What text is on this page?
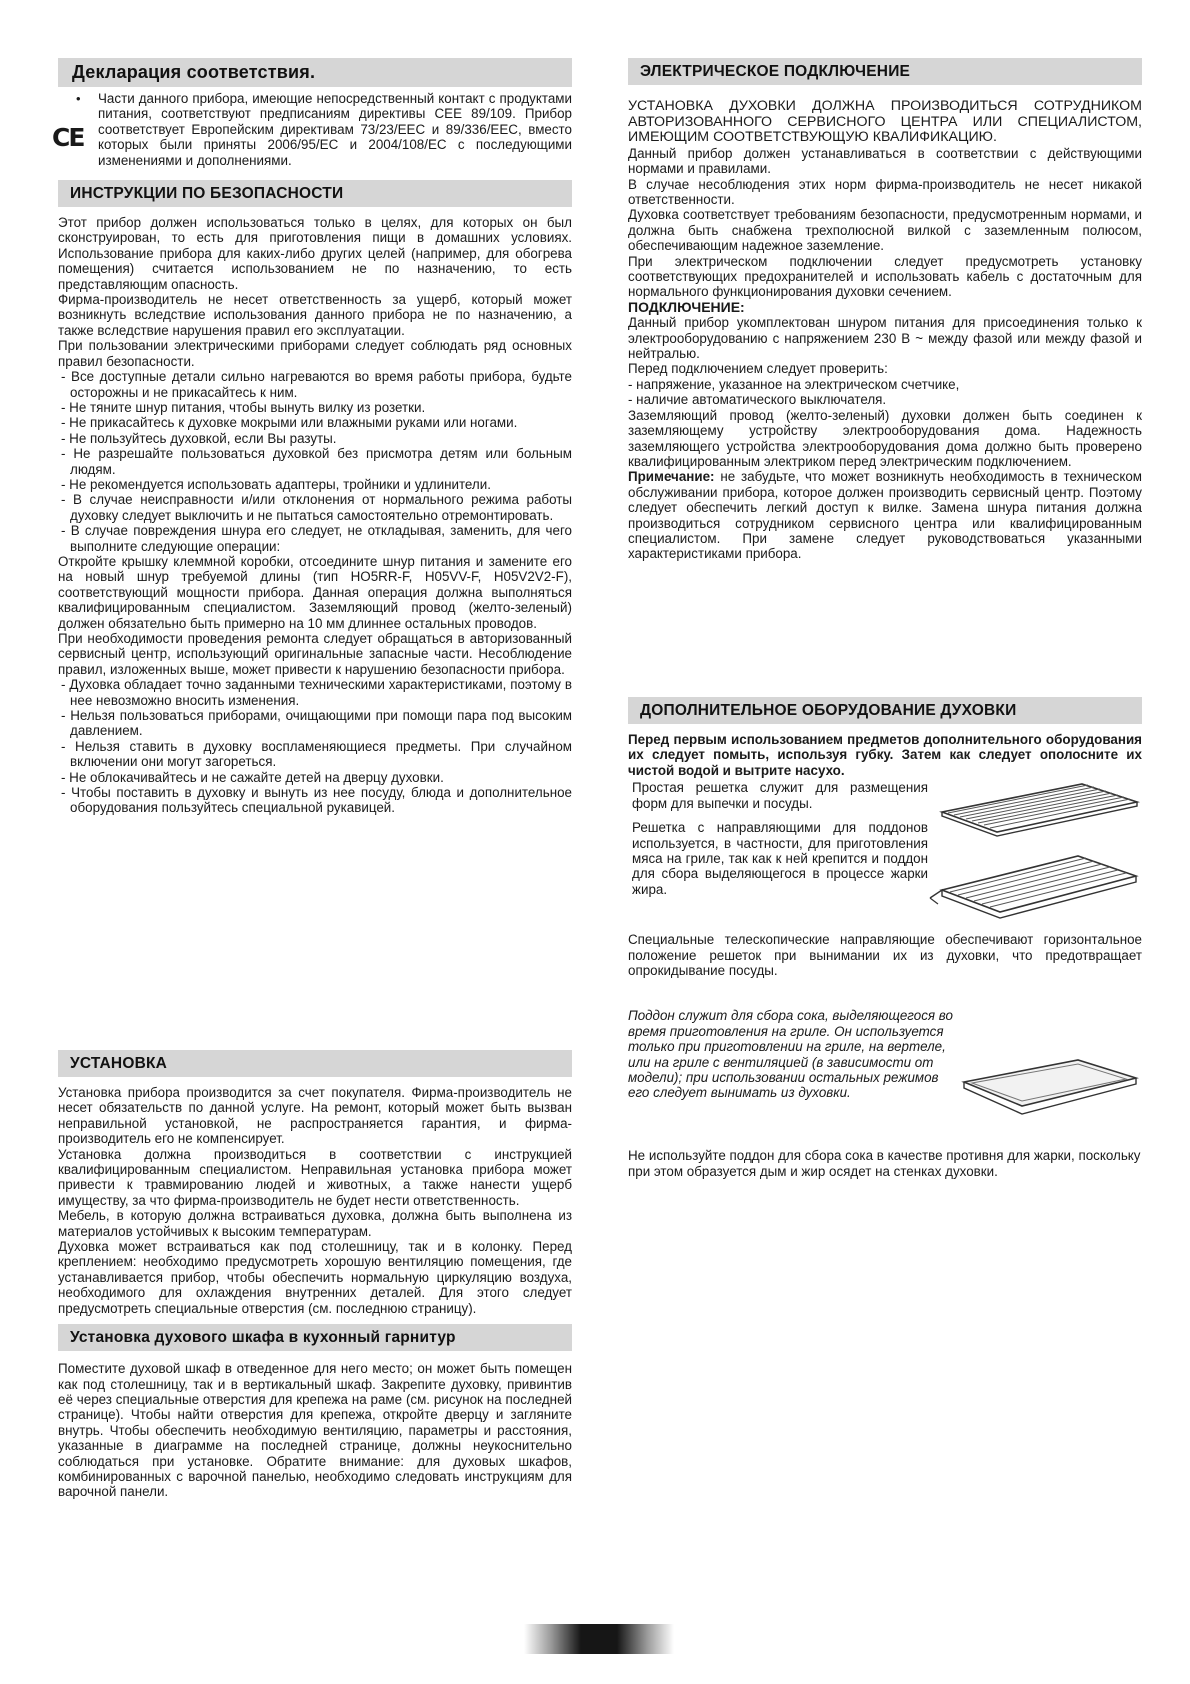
Декларация соответствия.
•
CE

Части данного прибора, имеющие непосредственный контакт с продуктами питания, соответствуют предписаниям директивы CEE 89/109. Прибор соответствует Европейским директивам 73/23/EEC и 89/336/EEC, вместо которых были приняты 2006/95/EC и 2004/108/EC с последующими изменениями и дополнениями.

ИНСТРУКЦИИ ПО БЕЗОПАСНОСТИ

Этот прибор должен использоваться только в целях, для которых он был сконструирован, то есть для приготовления пищи в домашних условиях. Использование прибора для каких-либо других целей (например, для обогрева помещения) считается использованием не по назначению, то есть представляющим опасность.

Фирма-производитель не несет ответственность за ущерб, который может возникнуть вследствие использования данного прибора не по назначению, а также вследствие нарушения правил его эксплуатации.

При пользовании электрическими приборами следует соблюдать ряд основных правил безопасности.

- Все доступные детали сильно нагреваются во время работы прибора, будьте осторожны и не прикасайтесь к ним.

- Не тяните шнур питания, чтобы вынуть вилку из розетки.

- Не прикасайтесь к духовке мокрыми или влажными руками или ногами.

- Не пользуйтесь духовкой, если Вы разуты.

- Не разрешайте пользоваться духовкой без присмотра детям или больным людям.

- Не рекомендуется использовать адаптеры, тройники и удлинители.

- В случае неисправности и/или отклонения от нормального режима работы духовку следует выключить и не пытаться самостоятельно отремонтировать.

- В случае повреждения шнура его следует, не откладывая, заменить, для чего выполните следующие операции:

Откройте крышку клеммной коробки, отсоедините шнур питания и замените его на новый шнур требуемой длины (тип HO5RR-F, H05VV-F, H05V2V2-F), соответствующий мощности прибора. Данная операция должна выполняться квалифицированным специалистом. Заземляющий провод (желто-зеленый) должен обязательно быть примерно на 10 мм длиннее остальных проводов.

При необходимости проведения ремонта следует обращаться в авторизованный сервисный центр, использующий оригинальные запасные части. Несоблюдение правил, изложенных выше, может привести к нарушению безопасности прибора.

- Духовка обладает точно заданными техническими характеристиками, поэтому в нее невозможно вносить изменения.

- Нельзя пользоваться приборами, очищающими при помощи пара под высоким давлением.

- Нельзя ставить в духовку воспламеняющиеся предметы. При случайном включении они могут загореться.

- Не облокачивайтесь и не сажайте детей на дверцу духовки.

- Чтобы поставить в духовку и вынуть из нее посуду, блюда и дополнительное оборудования пользуйтесь специальной рукавицей.

УСТАНОВКА

Установка прибора производится за счет покупателя. Фирма-производитель не несет обязательств по данной услуге. На ремонт, который может быть вызван неправильной установкой, не распространяется гарантия, и фирма-производитель его не компенсирует.

Установка должна производиться в соответствии с инструкцией квалифицированным специалистом. Неправильная установка прибора может привести к травмированию людей и животных, а также нанести ущерб имуществу, за что фирма-производитель не будет нести ответственность.

Мебель, в которую должна встраиваться духовка, должна быть выполнена из материалов устойчивых к высоким температурам.

Духовка может встраиваться как под столешницу, так и в колонку. Перед креплением: необходимо предусмотреть хорошую вентиляцию помещения, где устанавливается прибор, чтобы обеспечить нормальную циркуляцию воздуха, необходимого для охлаждения внутренних деталей. Для этого следует предусмотреть специальные отверстия (см. последнюю страницу).

Установка духового шкафа в кухонный гарнитур

Поместите духовой шкаф в отведенное для него место; он может быть помещен как под столешницу, так и в вертикальный шкаф. Закрепите духовку, привинтив её через специальные отверстия для крепежа на раме (см. рисунок на последней странице). Чтобы найти отверстия для крепежа, откройте дверцу и загляните внутрь. Чтобы обеспечить необходимую вентиляцию, параметры и расстояния, указанные в диаграмме на последней странице, должны неукоснительно соблюдаться при установке. Обратите внимание: для духовых шкафов, комбинированных с варочной панелью, необходимо следовать инструкциям для варочной панели.

ЭЛЕКТРИЧЕСКОЕ ПОДКЛЮЧЕНИЕ

УСТАНОВКА ДУХОВКИ ДОЛЖНА ПРОИЗВОДИТЬСЯ СОТРУДНИКОМ АВТОРИЗОВАННОГО СЕРВИСНОГО ЦЕНТРА ИЛИ СПЕЦИАЛИСТОМ, ИМЕЮЩИМ СООТВЕТСТВУЮЩУЮ КВАЛИФИКАЦИЮ.

Данный прибор должен устанавливаться в соответствии с действующими нормами и правилами.

В случае несоблюдения этих норм фирма-производитель не несет никакой ответственности.

Духовка соответствует требованиям безопасности, предусмотренным нормами, и должна быть снабжена трехполюсной вилкой с заземленным полюсом, обеспечивающим надежное заземление.

При электрическом подключении следует предусмотреть установку соответствующих предохранителей и использовать кабель с достаточным для нормального функционирования духовки сечением.

ПОДКЛЮЧЕНИЕ:

Данный прибор укомплектован шнуром питания для присоединения только к электрооборудованию с напряжением 230 В ~ между фазой или между фазой и нейтралью.

Перед подключением следует проверить:

- напряжение, указанное на электрическом счетчике,

- наличие автоматического выключателя.

Заземляющий провод (желто-зеленый) духовки должен быть соединен к заземляющему устройству электрооборудования дома. Надежность заземляющего устройства электрооборудования дома должно быть проверено квалифицированным электриком перед электрическим подключением.

Примечание: не забудьте, что может возникнуть необходимость в техническом обслуживании прибора, которое должен производить сервисный центр. Поэтому следует обеспечить легкий доступ к вилке. Замена шнура питания должна производиться сотрудником сервисного центра или квалифицированным специалистом. При замене следует руководствоваться указанными характеристиками прибора.

ДОПОЛНИТЕЛЬНОЕ ОБОРУДОВАНИЕ ДУХОВКИ

Перед первым использованием предметов дополнительного оборудования их следует помыть, используя губку. Затем как следует ополосните их чистой водой и вытрите насухо.

Простая решетка служит для размещения форм для выпечки и посуды.

Решетка с направляющими для поддонов используется, в частности, для приготовления мяса на гриле, так как к ней крепится и поддон для сбора выделяющегося в процессе жарки жира.

Специальные телескопические направляющие обеспечивают горизонтальное положение решеток при вынимании их из духовки, что предотвращает опрокидывание посуды.

Поддон служит для сбора сока, выделяющегося во время приготовления на гриле. Он используется только при приготовлении на гриле, на вертеле, или на гриле с вентиляцией (в зависимости от модели); при использовании остальных режимов его следует вынимать из духовки.

Не используйте поддон для сбора сока в качестве противня для жарки, поскольку при этом образуется дым и жир осядет на стенках духовки.
